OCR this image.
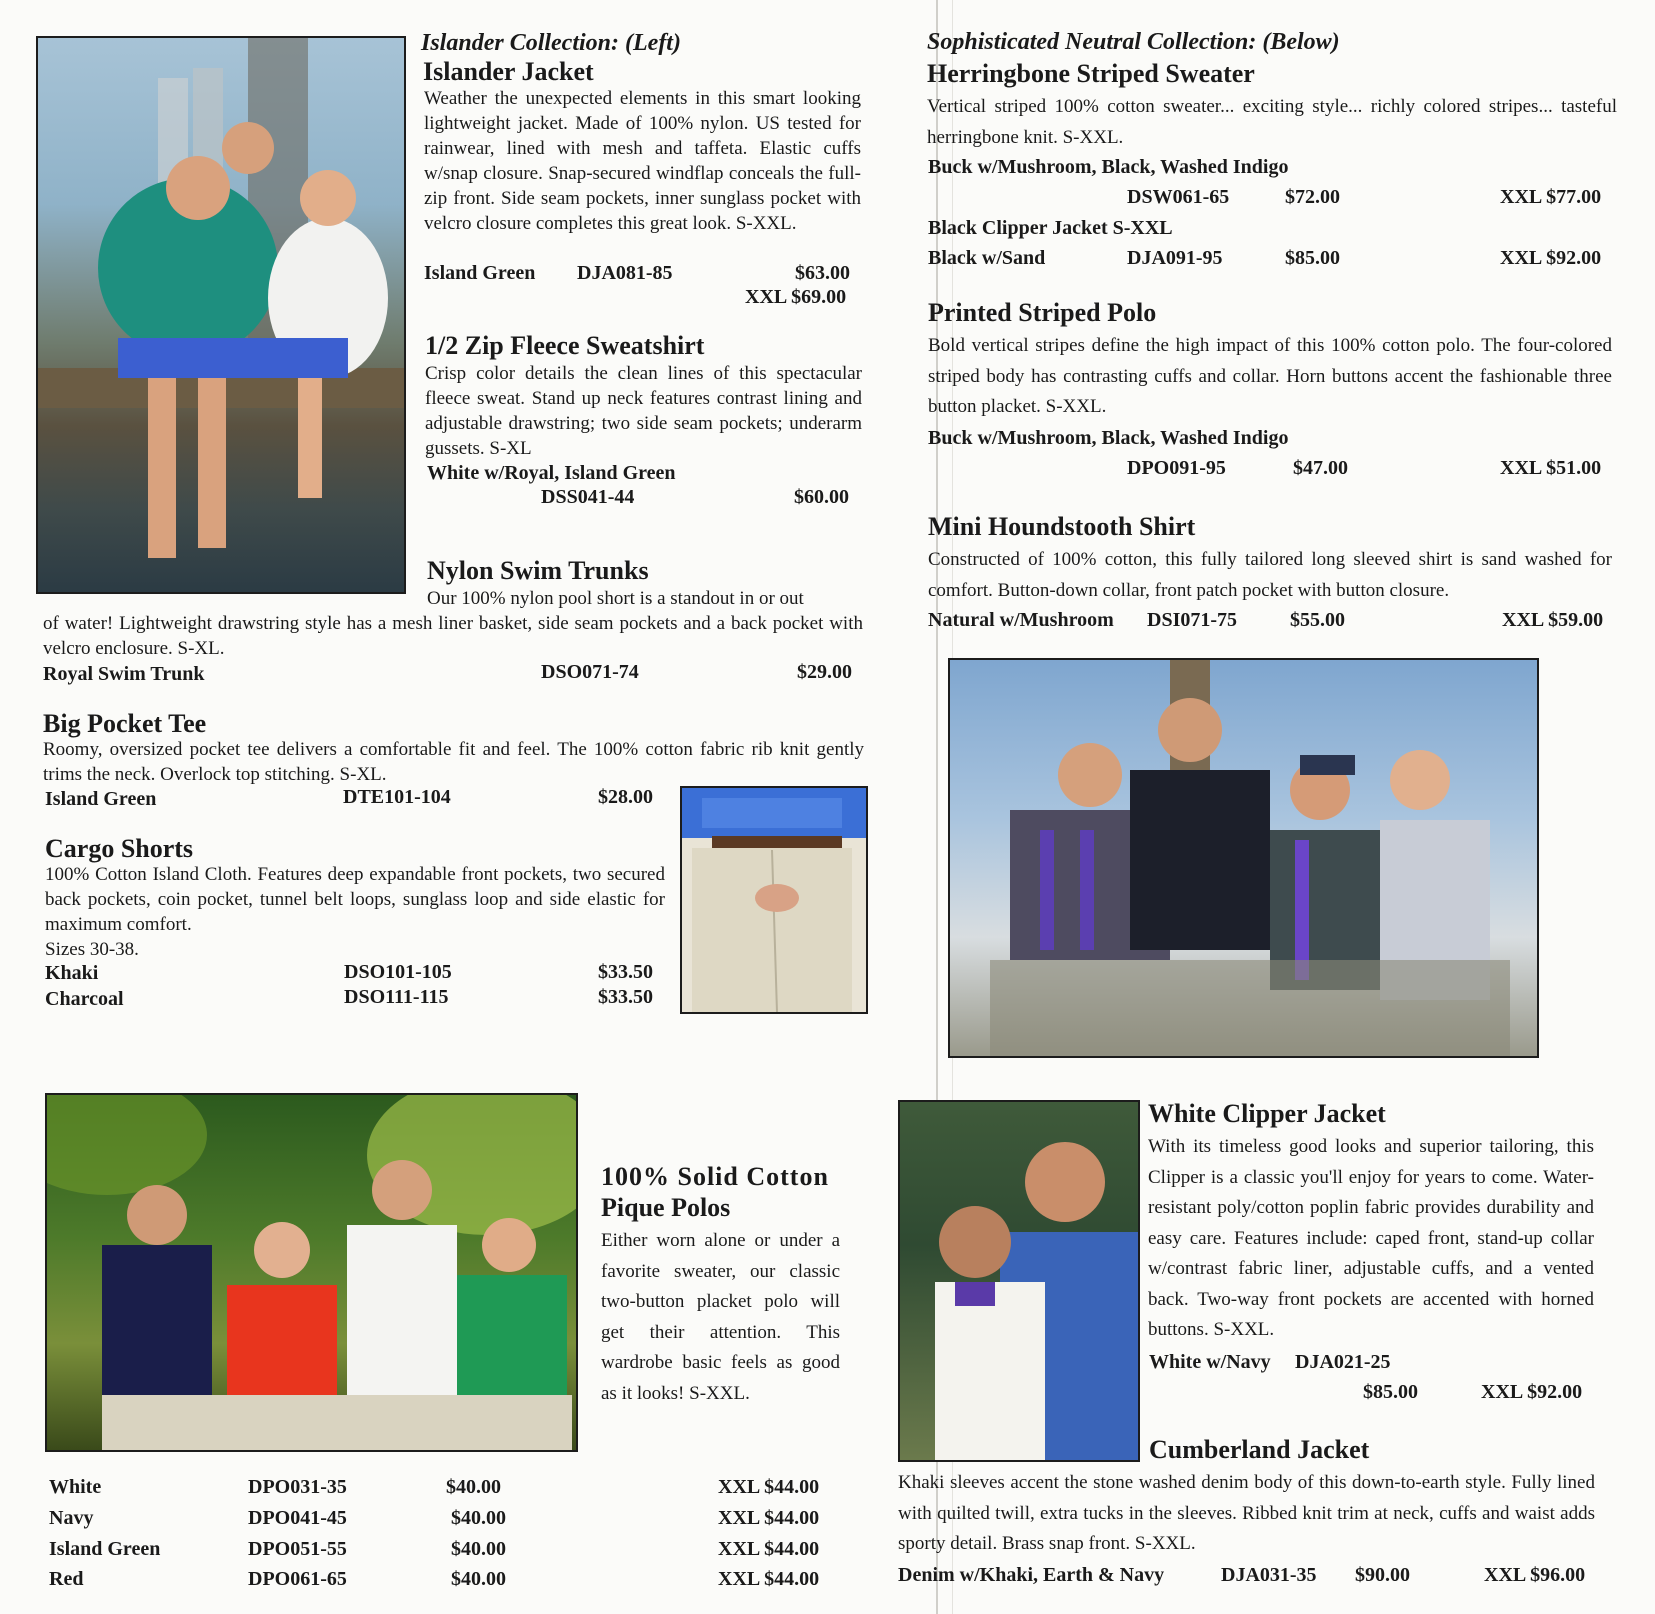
Islander Collection: (Left)
Islander Jacket
Weather the unexpected elements in this smart looking lightweight jacket. Made of 100% nylon. US tested for rainwear, lined with mesh and taffeta. Elastic cuffs w/snap closure. Snap-secured windflap conceals the full-zip front. Side seam pockets, inner sunglass pocket with velcro closure completes this great look. S-XXL.
Island Green DJA081-85	$63.00
XXL $69.00
1/2 Zip Fleece Sweatshirt
Crisp color details the clean lines of this spectacular fleece sweat. Stand up neck features contrast lining and adjustable drawstring; two side seam pockets; underarm gussets. S-XL
White w/Royal, Island Green
DSS041-44	$60.00
Nylon Swim Trunks
Our 100% nylon pool short is a standout in or out
of water! Lightweight drawstring style has a mesh liner basket, side seam pockets and a back pocket with velcro enclosure. S-XL.
Royal Swim Trunk	DSO071-74	$29.00
Big Pocket Tee
Roomy, oversized pocket tee delivers a comfortable fit and feel. The 100% cotton fabric rib knit gently trims the neck. Overlock top stitching. S-XL.
Island Green	DTE101-104	$28.00
Cargo Shorts
100% Cotton Island Cloth. Features deep expandable front pockets, two secured back pockets, coin pocket, tunnel belt loops, sunglass loop and side elastic for maximum comfort.
Sizes 30-38.
Khaki	DSO101-105	$33.50
Charcoal	DSO111-115	$33.50
100% Solid Cotton
Pique Polos
Either worn alone or under a favorite sweater, our classic two-button placket polo will get their attention. This wardrobe basic feels as good as it looks! S-XXL.
White	DPO031-35	$40.00	XXL $44.00
Navy	DPO041-45	$40.00	XXL $44.00
Island Green	DPO051-55	$40.00	XXL $44.00
Red	DPO061-65	$40.00	XXL $44.00
Sophisticated Neutral Collection: (Below)
Herringbone Striped Sweater
Vertical striped 100% cotton sweater... exciting style... richly colored stripes... tasteful herringbone knit. S-XXL.
Buck w/Mushroom, Black, Washed Indigo
DSW061-65	$72.00	XXL $77.00
Black Clipper Jacket S-XXL
Black w/Sand	DJA091-95	$85.00	XXL $92.00
Printed Striped Polo
Bold vertical stripes define the high impact of this 100% cotton polo. The four-colored striped body has contrasting cuffs and collar. Horn buttons accent the fashionable three button placket. S-XXL.
Buck w/Mushroom, Black, Washed Indigo
DPO091-95	$47.00	XXL $51.00
Mini Houndstooth Shirt
Constructed of 100% cotton, this fully tailored long sleeved shirt is sand washed for comfort. Button-down collar, front patch pocket with button closure.
Natural w/Mushroom DSI071-75	$55.00	XXL $59.00
White Clipper Jacket
With its timeless good looks and superior tailoring, this Clipper is a classic you'll enjoy for years to come. Water-resistant poly/cotton poplin fabric provides durability and easy care. Features include: caped front, stand-up collar w/contrast fabric liner, adjustable cuffs, and a vented back. Two-way front pockets are accented with horned buttons. S-XXL.
White w/Navy DJA021-25
$85.00	XXL $92.00
Cumberland Jacket
Khaki sleeves accent the stone washed denim body of this down-to-earth style. Fully lined with quilted twill, extra tucks in the sleeves. Ribbed knit trim at neck, cuffs and waist adds sporty detail. Brass snap front. S-XXL.
Denim w/Khaki, Earth & Navy	DJA031-35 $90.00	XXL $96.00
